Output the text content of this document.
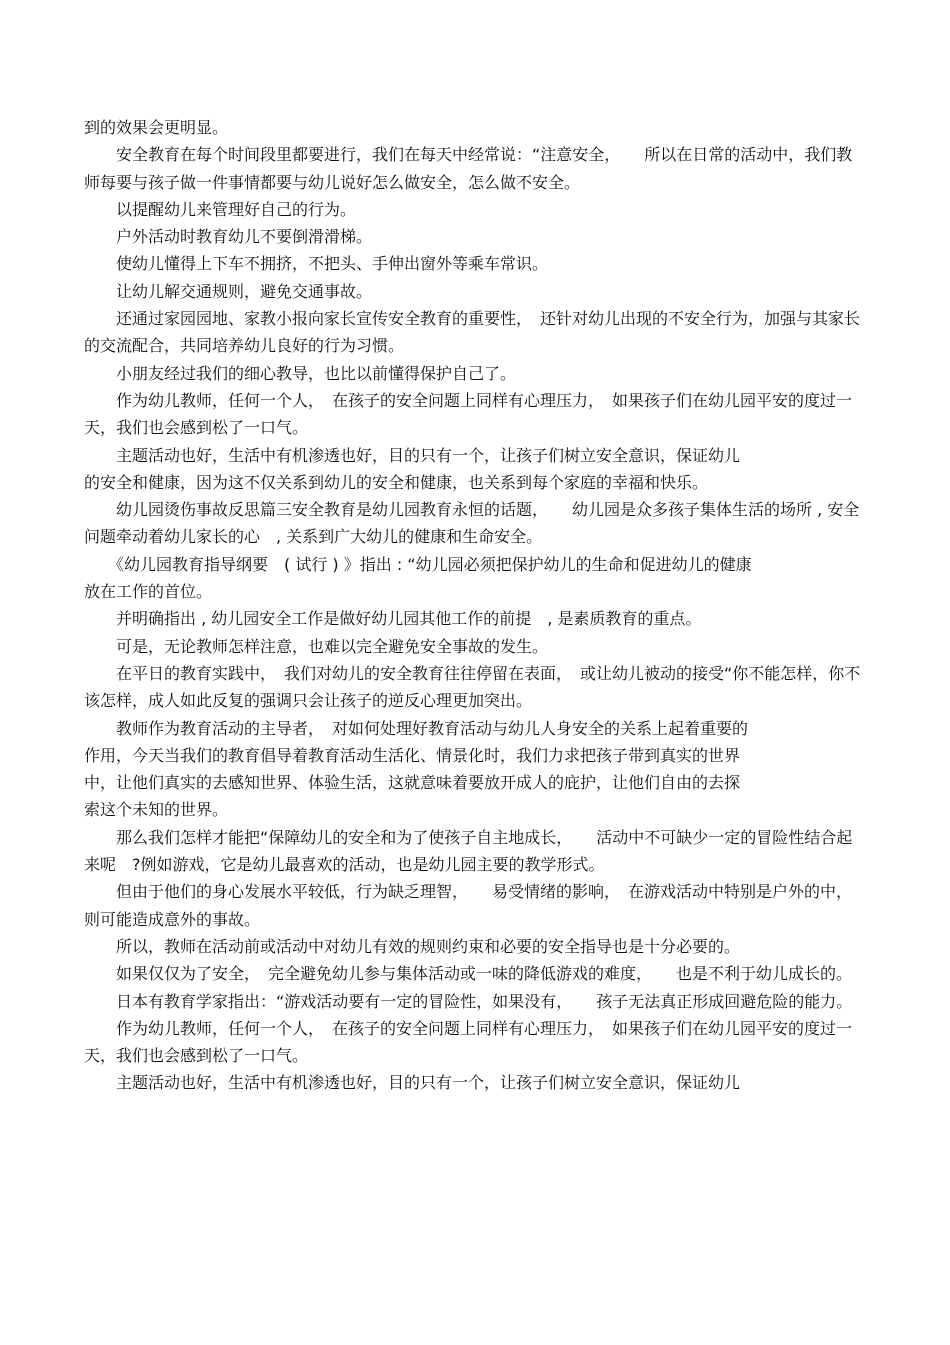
到的效果会更明显。

　　安全教育在每个时间段里都要进行，我们在每天中经常说：“注意安全，　　所以在日常的活动中，我们教师每要与孩子做一件事情都要与幼儿说好怎么做安全，怎么做不安全。

　　以提醒幼儿来管理好自己的行为。

　　户外活动时教育幼儿不要倒滑滑梯。

　　使幼儿懂得上下车不拥挤，不把头、手伸出窗外等乘车常识。

　　让幼儿解交通规则，避免交通事故。

　　还通过家园园地、家教小报向家长宣传安全教育的重要性，　还针对幼儿出现的不安全行为，加强与其家长的交流配合，共同培养幼儿良好的行为习惯。

　　小朋友经过我们的细心教导，也比以前懂得保护自己了。

　　作为幼儿教师，任何一个人，　在孩子的安全问题上同样有心理压力，　如果孩子们在幼儿园平安的度过一天，我们也会感到松了一口气。

　　主题活动也好，生活中有机渗透也好，目的只有一个，让孩子们树立安全意识，保证幼儿
的安全和健康，因为这不仅关系到幼儿的安全和健康，也关系到每个家庭的幸福和快乐。

　　幼儿园烫伤事故反思篇三安全教育是幼儿园教育永恒的话题，　　幼儿园是众多孩子集体生活的场所 , 安全问题牵动着幼儿家长的心　, 关系到广大幼儿的健康和生命安全。

　　《幼儿园教育指导纲要　( 试行 ) 》指出 : “幼儿园必须把保护幼儿的生命和促进幼儿的健康
放在工作的首位。

　　并明确指出 , 幼儿园安全工作是做好幼儿园其他工作的前提　, 是素质教育的重点。

　　可是，无论教师怎样注意，也难以完全避免安全事故的发生。

　　在平日的教育实践中，　我们对幼儿的安全教育往往停留在表面，　或让幼儿被动的接受“你不能怎样，你不该怎样，成人如此反复的强调只会让孩子的逆反心理更加突出。

　　教师作为教育活动的主导者，　对如何处理好教育活动与幼儿人身安全的关系上起着重要的
作用，今天当我们的教育倡导着教育活动生活化、情景化时，我们力求把孩子带到真实的世界
中，让他们真实的去感知世界、体验生活，这就意味着要放开成人的庇护，让他们自由的去探
索这个未知的世界。

　　那么我们怎样才能把“保障幼儿的安全和为了使孩子自主地成长，　　活动中不可缺少一定的冒险性结合起来呢　?例如游戏，它是幼儿最喜欢的活动，也是幼儿园主要的教学形式。

　　但由于他们的身心发展水平较低，行为缺乏理智，　　易受情绪的影响，　在游戏活动中特别是户外的中，则可能造成意外的事故。

　　所以，教师在活动前或活动中对幼儿有效的规则约束和必要的安全指导也是十分必要的。

　　如果仅仅为了安全，　完全避免幼儿参与集体活动或一味的降低游戏的难度，　　也是不利于幼儿成长的。

　　日本有教育学家指出：“游戏活动要有一定的冒险性，如果没有，　　孩子无法真正形成回避危险的能力。

　　作为幼儿教师，任何一个人，　在孩子的安全问题上同样有心理压力，　如果孩子们在幼儿园平安的度过一天，我们也会感到松了一口气。

　　主题活动也好，生活中有机渗透也好，目的只有一个，让孩子们树立安全意识，保证幼儿
